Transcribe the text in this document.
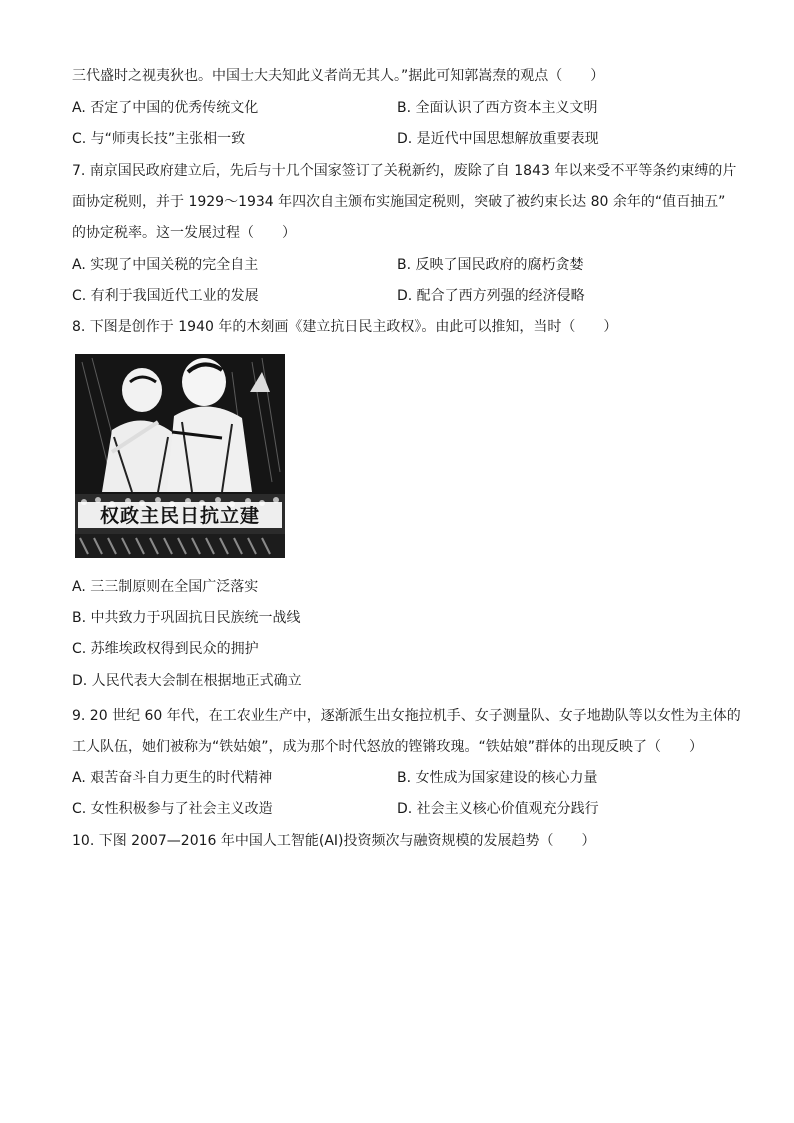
三代盛时之视夷狄也。中国士大夫知此义者尚无其人。”据此可知郭嵩焘的观点（　　）
A. 否定了中国的优秀传统文化	B. 全面认识了西方资本主义文明
C. 与“师夷长技”主张相一致	D. 是近代中国思想解放重要表现
7. 南京国民政府建立后，先后与十几个国家签订了关税新约，废除了自 1843 年以来受不平等条约束缚的片
面协定税则，并于 1929～1934 年四次自主颁布实施国定税则，突破了被约束长达 80 余年的“值百抽五”
的协定税率。这一发展过程（　　）
A. 实现了中国关税的完全自主	B. 反映了国民政府的腐朽贪婪
C. 有利于我国近代工业的发展	D. 配合了西方列强的经济侵略
8. 下图是创作于 1940 年的木刻画《建立抗日民主政权》。由此可以推知，当时（　　）
权政主民日抗立建
A. 三三制原则在全国广泛落实
B. 中共致力于巩固抗日民族统一战线
C. 苏维埃政权得到民众的拥护
D. 人民代表大会制在根据地正式确立
9. 20 世纪 60 年代，在工农业生产中，逐渐派生出女拖拉机手、女子测量队、女子地勘队等以女性为主体的
工人队伍，她们被称为“铁姑娘”，成为那个时代怒放的铿锵玫瑰。“铁姑娘”群体的出现反映了（　　）
A. 艰苦奋斗自力更生的时代精神	B. 女性成为国家建设的核心力量
C. 女性积极参与了社会主义改造	D. 社会主义核心价值观充分践行
10. 下图 2007—2016 年中国人工智能(AI)投资频次与融资规模的发展趋势（　　）
